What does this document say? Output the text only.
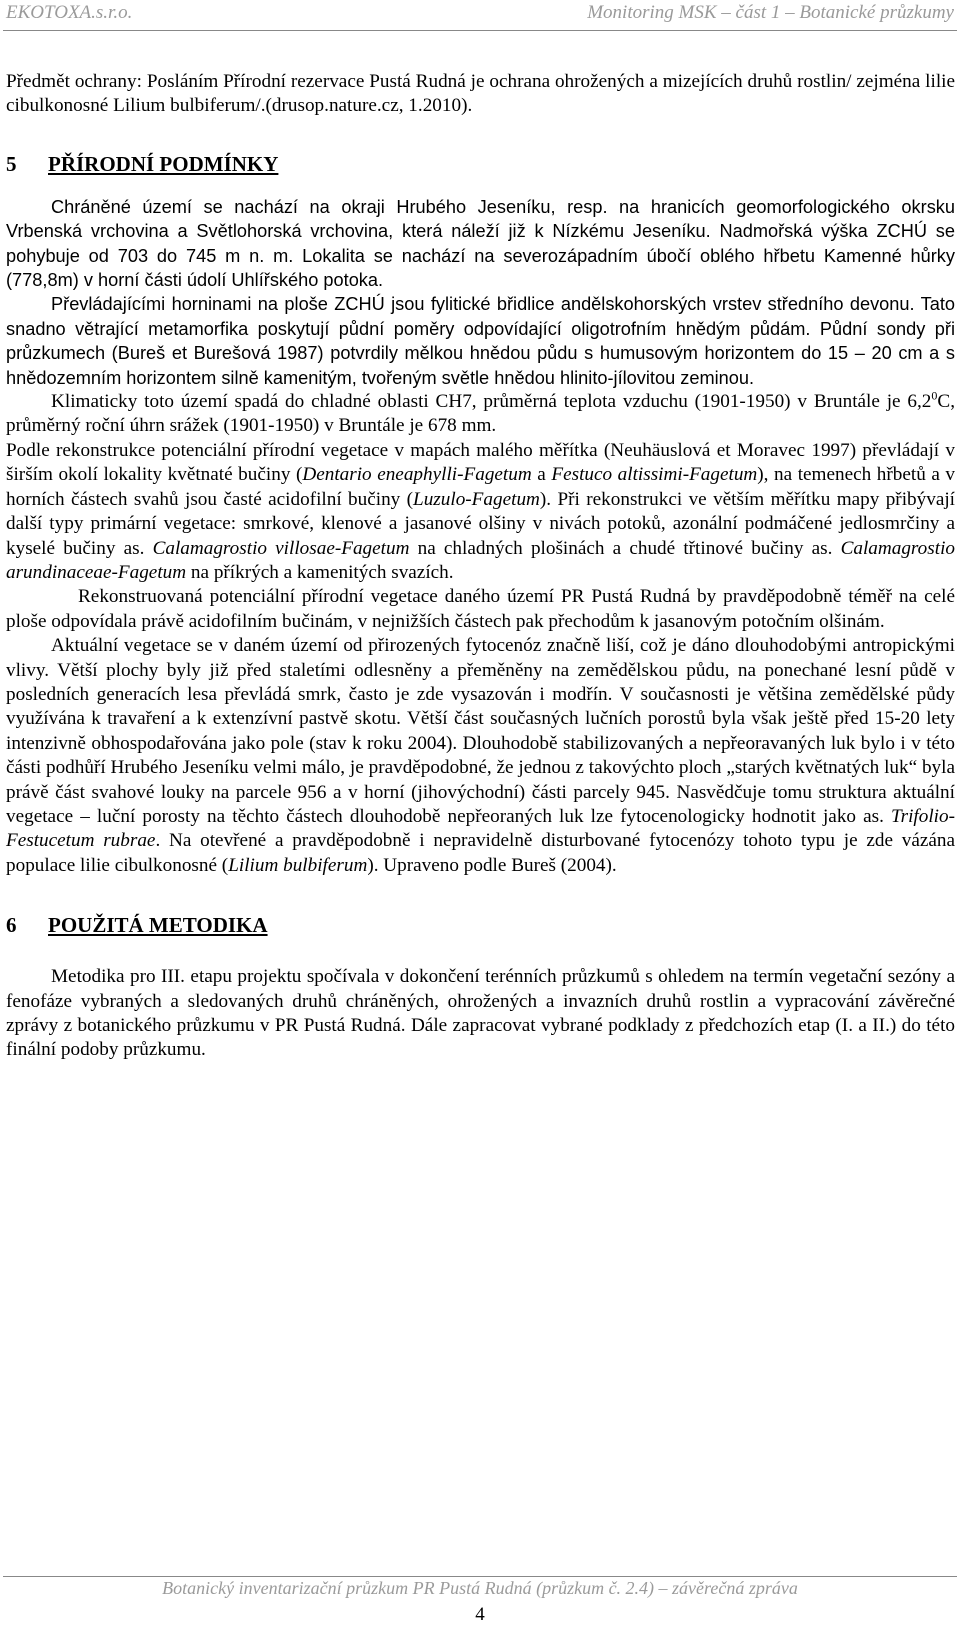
EKOTOXA.s.r.o.	Monitoring MSK – část 1 – Botanické průzkumy

Předmět ochrany: Posláním Přírodní rezervace Pustá Rudná je ochrana ohrožených a mizejících druhů rostlin/ zejména lilie cibulkonosné Lilium bulbiferum/.(drusop.nature.cz, 1.2010).

5 PŘÍRODNÍ PODMÍNKY

Chráněné území se nachází na okraji Hrubého Jeseníku, resp. na hranicích geomorfologického okrsku Vrbenská vrchovina a Světlohorská vrchovina, která náleží již k Nízkému Jeseníku. Nadmořská výška ZCHÚ se pohybuje od 703 do 745 m n. m. Lokalita se nachází na severozápadním úbočí oblého hřbetu Kamenné hůrky (778,8m) v horní části údolí Uhlířského potoka.

Převládajícími horninami na ploše ZCHÚ jsou fylitické břidlice andělskohorských vrstev středního devonu. Tato snadno větrající metamorfika poskytují půdní poměry odpovídající oligotrofním hnědým půdám. Půdní sondy při průzkumech (Bureš et Burešová 1987) potvrdily mělkou hnědou půdu s humusovým horizontem do 15 – 20 cm a s hnědozemním horizontem silně kamenitým, tvořeným světle hnědou hlinito-jílovitou zeminou.

Klimaticky toto území spadá do chladné oblasti CH7, průměrná teplota vzduchu (1901-1950) v Bruntále je $6,2^0C$, průměrný roční úhrn srážek (1901-1950) v Bruntále je 678 mm.

Podle rekonstrukce potenciální přírodní vegetace v mapách malého měřítka (Neuhäuslová et Moravec 1997) převládají v širším okolí lokality květnaté bučiny (Dentario eneaphylli-Fagetum a Festuco altissimi-Fagetum), na temenech hřbetů a v horních částech svahů jsou časté acidofilní bučiny (Luzulo-Fagetum). Při rekonstrukci ve větším měřítku mapy přibývají další typy primární vegetace: smrkové, klenové a jasanové olšiny v nivách potoků, azonální podmáčené jedlosmrčiny a kyselé bučiny as. Calamagrostio villosae-Fagetum na chladných plošinách a chudé třtinové bučiny as. Calamagrostio arundinaceae-Fagetum na příkrých a kamenitých svazích.

Rekonstruovaná potenciální přírodní vegetace daného území PR Pustá Rudná by pravděpodobně téměř na celé ploše odpovídala právě acidofilním bučinám, v nejnižších částech pak přechodům k jasanovým potočním olšinám.

Aktuální vegetace se v daném území od přirozených fytocenóz značně liší, což je dáno dlouhodobými antropickými vlivy. Větší plochy byly již před staletími odlesněny a přeměněny na zemědělskou půdu, na ponechané lesní půdě v posledních generacích lesa převládá smrk, často je zde vysazován i modřín. V současnosti je většina zemědělské půdy využívána k travaření a k extenzívní pastvě skotu. Větší část současných lučních porostů byla však ještě před 15-20 lety intenzivně obhospodařována jako pole (stav k roku 2004). Dlouhodobě stabilizovaných a nepřeoravaných luk bylo i v této části podhůří Hrubého Jeseníku velmi málo, je pravděpodobné, že jednou z takovýchto ploch „starých květnatých luk“ byla právě část svahové louky na parcele 956 a v horní (jihovýchodní) části parcely 945. Nasvědčuje tomu struktura aktuální vegetace – luční porosty na těchto částech dlouhodobě nepřeoraných luk lze fytocenologicky hodnotit jako as. Trifolio-Festucetum rubrae. Na otevřené a pravděpodobně i nepravidelně disturbované fytocenózy tohoto typu je zde vázána populace lilie cibulkonosné (Lilium bulbiferum). Upraveno podle Bureš (2004).

6 POUŽITÁ METODIKA

Metodika pro III. etapu projektu spočívala v dokončení terénních průzkumů s ohledem na termín vegetační sezóny a fenofáze vybraných a sledovaných druhů chráněných, ohrožených a invazních druhů rostlin a vypracování závěrečné zprávy z botanického průzkumu v PR Pustá Rudná. Dále zapracovat vybrané podklady z předchozích etap (I. a II.) do této finální podoby průzkumu.

Botanický inventarizační průzkum PR Pustá Rudná (průzkum č. 2.4) – závěrečná zpráva
4
